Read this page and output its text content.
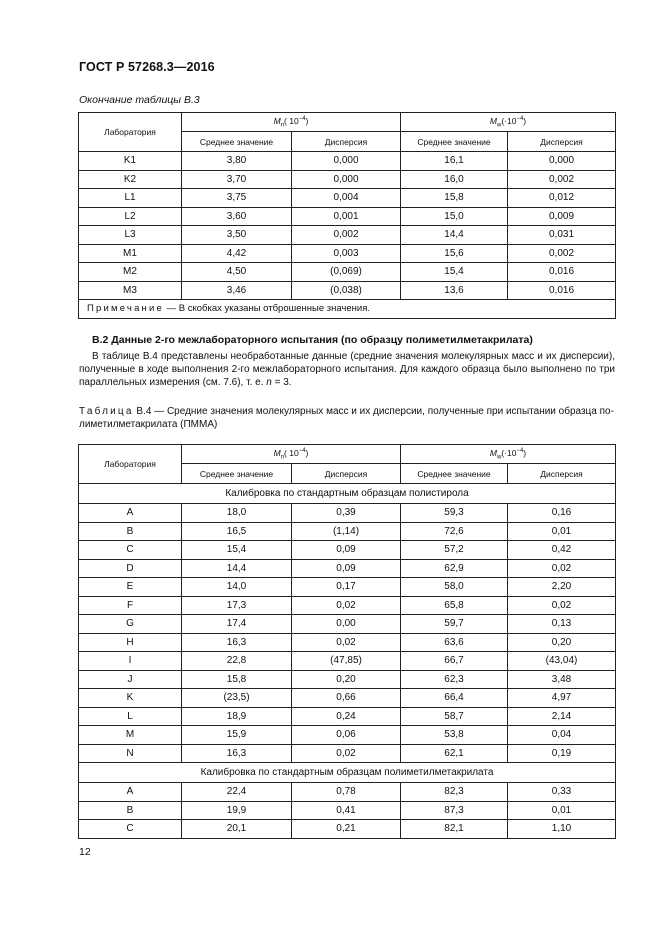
ГОСТ Р 57268.3—2016
Окончание таблицы В.3
Лаборатория	$M_n$( $10^{-4}$)		$M_w(\cdot 10^{-4})$	
	Среднее значение	Дисперсия	Среднее значение	Дисперсия
K1	3,80	0,000	16,1	0,000
K2	3,70	0,000	16,0	0,002
L1	3,75	0,004	15,8	0,012
L2	3,60	0,001	15,0	0,009
L3	3,50	0,002	14,4	0,031
M1	4,42	0,003	15,6	0,002
M2	4,50	(0,069)	15,4	0,016
M3	3,46	(0,038)	13,6	0,016
Примечание — В скобках указаны отброшенные значения.				
В.2 Данные 2-го межлабораторного испытания (по образцу полиметилметакрилата)
В таблице В.4 представлены необработанные данные (средние значения молекулярных масс и их дисперсии), полученные в ходе выполнения 2-го межлабораторного испытания. Для каждого образца было выполнено по три параллельных измерения (см. 7.6), т. е. n = 3.
Таблица В.4 — Средние значения молекулярных масс и их дисперсии, полученные при испытании образца полиметилметакрилата (ПММА)
Лаборатория	$M_n$( $10^{-4}$)		$M_w(\cdot 10^{-4})$	
	Среднее значение	Дисперсия	Среднее значение	Дисперсия
Калибровка по стандартным образцам полистирола				
A	18,0	0,39	59,3	0,16
B	16,5	(1,14)	72,6	0,01
C	15,4	0,09	57,2	0,42
D	14,4	0,09	62,9	0,02
E	14,0	0,17	58,0	2,20
F	17,3	0,02	65,8	0,02
G	17,4	0,00	59,7	0,13
H	16,3	0,02	63,6	0,20
I	22,8	(47,85)	66,7	(43,04)
J	15,8	0,20	62,3	3,48
K	(23,5)	0,66	66,4	4,97
L	18,9	0,24	58,7	2,14
M	15,9	0,06	53,8	0,04
N	16,3	0,02	62,1	0,19
Калибровка по стандартным образцам полиметилметакрилата				
A	22,4	0,78	82,3	0,33
B	19,9	0,41	87,3	0,01
C	20,1	0,21	82,1	1,10
12
